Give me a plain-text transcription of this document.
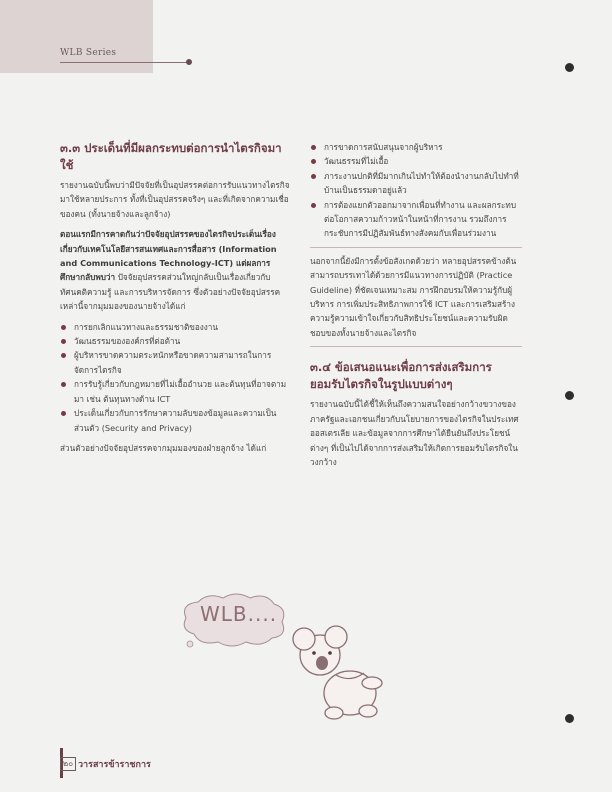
WLB Series
๓.๓ ประเด็นที่มีผลกระทบต่อการนำไตรกิจมาใช้

รายงานฉบับนี้พบว่ามีปัจจัยที่เป็นอุปสรรคต่อการรับแนวทางไตรกิจมาใช้หลายประการ ทั้งที่เป็นอุปสรรคจริงๆ และที่เกิดจากความเชื่อของคน (ทั้งนายจ้างและลูกจ้าง)

ตอนแรกมีการคาดกันว่าปัจจัยอุปสรรคของไตรกิจประเด็นเรื่องเกี่ยวกับเทคโนโลยีสารสนเทศและการสื่อสาร (Information and Communications Technology-ICT) แต่ผลการศึกษากลับพบว่า ปัจจัยอุปสรรคส่วนใหญ่กลับเป็นเรื่องเกี่ยวกับทัศนคติความรู้ และการบริหารจัดการ ซึ่งตัวอย่างปัจจัยอุปสรรคเหล่านี้จากมุมมองของนายจ้างได้แก่

การยกเลิกแนวทางและธรรมชาติของงาน
วัฒนธรรมขององค์กรที่ต่อต้าน
ผู้บริหารขาดความตระหนักหรือขาดความสามารถในการจัดการไตรกิจ
การรับรู้เกี่ยวกับกฎหมายที่ไม่เอื้ออำนวย และต้นทุนที่อาจตามมา เช่น ต้นทุนทางด้าน ICT
ประเด็นเกี่ยวกับการรักษาความลับของข้อมูลและความเป็นส่วนตัว (Security and Privacy)

ส่วนตัวอย่างปัจจัยอุปสรรคจากมุมมองของฝ่ายลูกจ้าง ได้แก่

การขาดการสนับสนุนจากผู้บริหาร
วัฒนธรรมที่ไม่เอื้อ
ภาระงานปกติที่มีมากเกินไปทำให้ต้องนำงานกลับไปทำที่บ้านเป็นธรรมดาอยู่แล้ว
การต้องแยกตัวออกมาจากเพื่อนที่ทำงาน และผลกระทบต่อโอกาสความก้าวหน้าในหน้าที่การงาน รวมถึงการกระชับการมีปฏิสัมพันธ์ทางสังคมกับเพื่อนร่วมงาน

นอกจากนี้ยังมีการตั้งข้อสังเกตด้วยว่า หลายอุปสรรคข้างต้นสามารถบรรเทาได้ด้วยการมีแนวทางการปฏิบัติ (Practice Guideline) ที่ชัดเจนเหมาะสม การฝึกอบรมให้ความรู้กับผู้บริหาร การเพิ่มประสิทธิภาพการใช้ ICT และการเสริมสร้างความรู้ความเข้าใจเกี่ยวกับสิทธิประโยชน์และความรับผิดชอบของทั้งนายจ้างและไตรกิจ

๓.๔ ข้อเสนอแนะเพื่อการส่งเสริมการยอมรับไตรกิจในรูปแบบต่างๆ

รายงานฉบับนี้ได้ชี้ให้เห็นถึงความสนใจอย่างกว้างขวางของภาครัฐและเอกชนเกี่ยวกับนโยบายการของไตรกิจในประเทศออสเตรเลีย และข้อมูลจากการศึกษาได้ยืนยันถึงประโยชน์ต่างๆ ที่เป็นไปได้จากการส่งเสริมให้เกิดการยอมรับไตรกิจในวงกว้าง

WLB....
๒๐ วารสารข้าราชการ
